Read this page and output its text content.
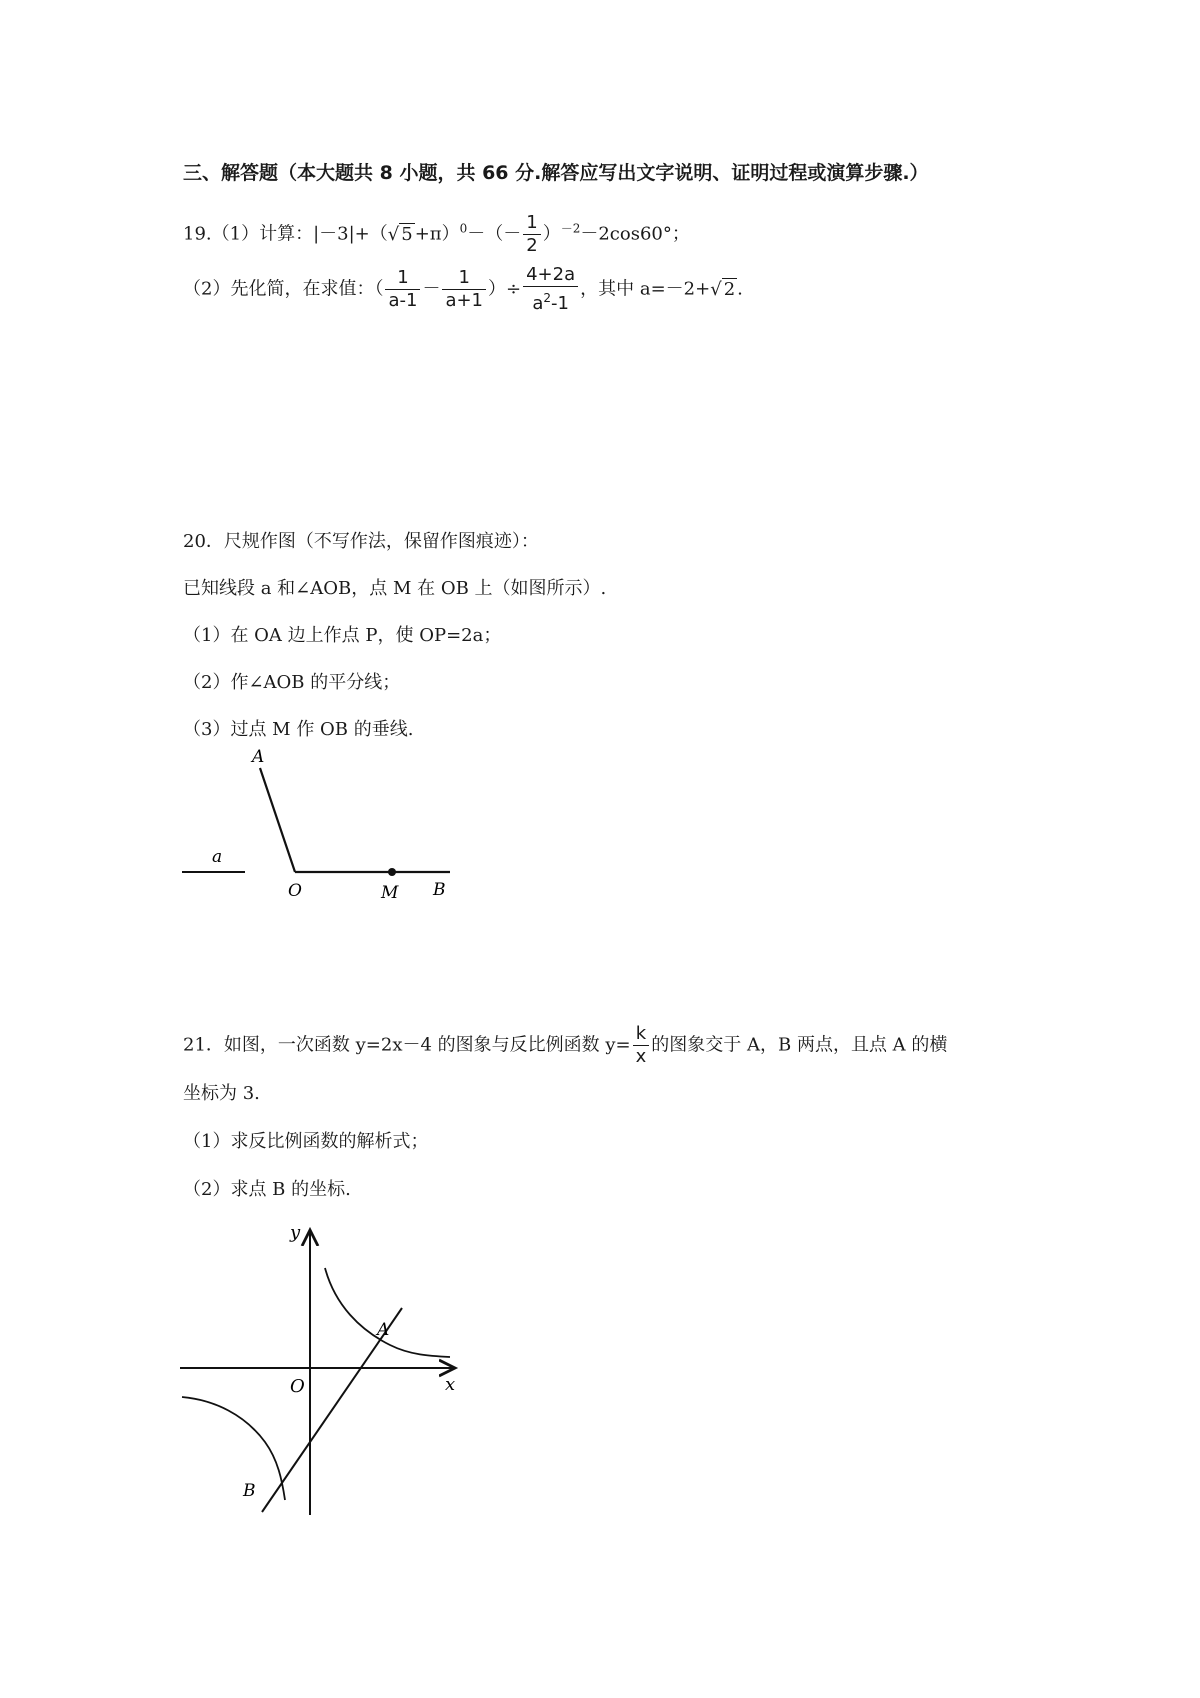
三、解答题（本大题共 8 小题，共 66 分.解答应写出文字说明、证明过程或演算步骤.）
19.（1）计算：|－3|+（√ $5 +\pi)^0-(- \frac{1}{2} )^{-2}-2\cos 60^\circ$；
（2）先化简，在求值：（ $\frac{1}{a-1} - \frac{1}{a+1}$ ）÷ $\frac{4+2a}{a^2-1}$ ，其中 a=－2+√ 2 .
20．尺规作图（不写作法，保留作图痕迹）：
已知线段 a 和∠AOB，点 M 在 OB 上（如图所示）.
（1）在 OA 边上作点 P，使 OP=2a；
（2）作∠AOB 的平分线；
（3）过点 M 作 OB 的垂线.
a
A
O	M B
21．如图，一次函数 y=2x－4 的图象与反比例函数 $y= \frac{k}{x}$ 的图象交于 A，B 两点，且点 A 的横
坐标为 3.
（1）求反比例函数的解析式；
（2）求点 B 的坐标.
y
x
O
A
B
